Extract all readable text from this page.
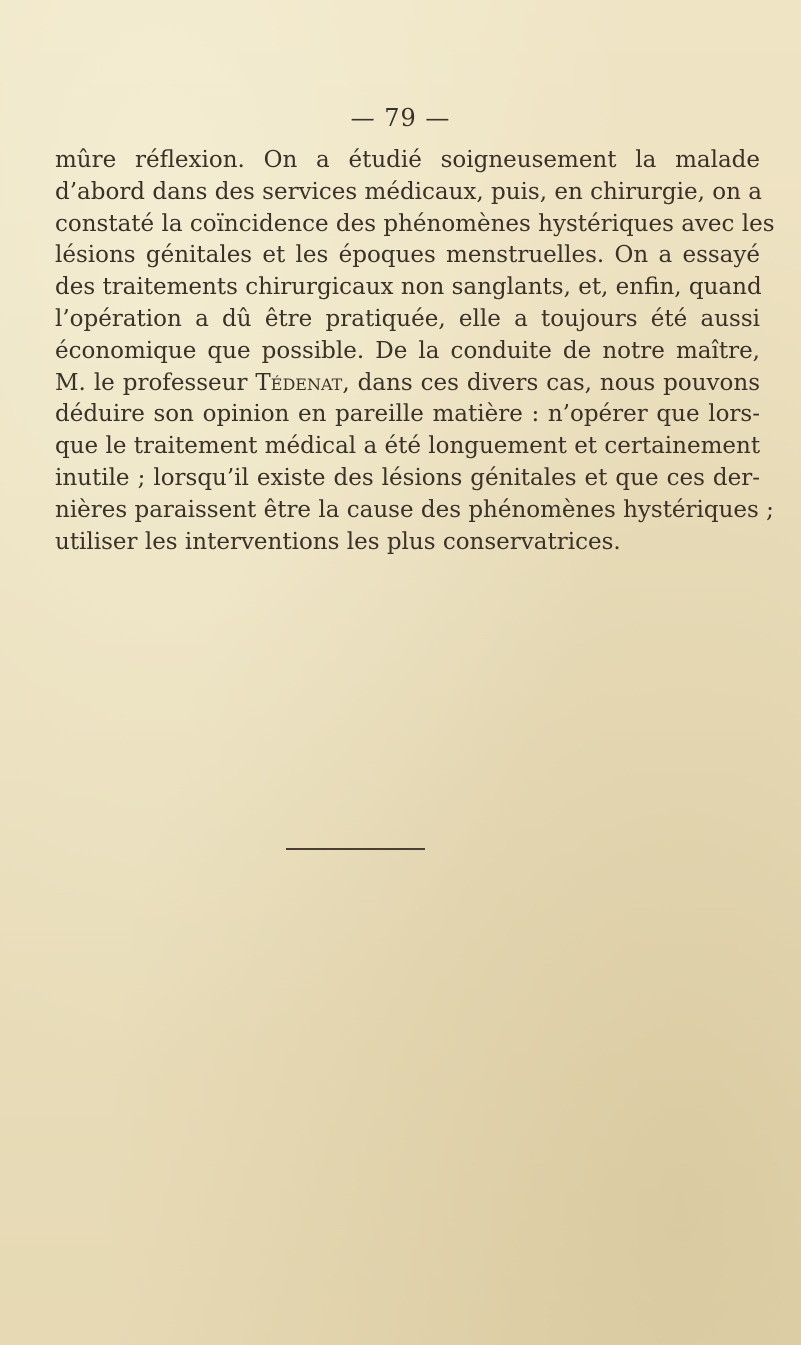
— 79 —
mûre réflexion. On a étudié soigneusement la malade
d’abord dans des services médicaux, puis, en chirurgie, on a
constaté la coïncidence des phénomènes hystériques avec les
lésions génitales et les époques menstruelles. On a essayé
des traitements chirurgicaux non sanglants, et, enfin, quand
l’opération a dû être pratiquée, elle a toujours été aussi
économique que possible. De la conduite de notre maître,
M. le professeur Tédenat, dans ces divers cas, nous pouvons
déduire son opinion en pareille matière : n’opérer que lors-
que le traitement médical a été longuement et certainement
inutile ; lorsqu’il existe des lésions génitales et que ces der-
nières paraissent être la cause des phénomènes hystériques ;
utiliser les interventions les plus conservatrices.
